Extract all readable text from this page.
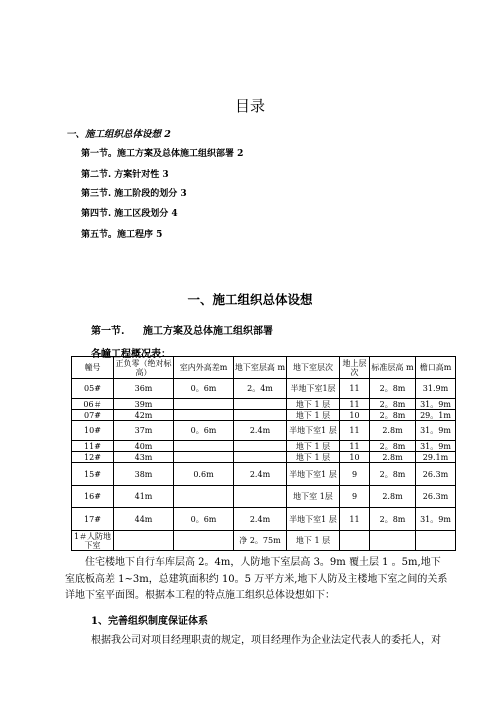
目录
一、施工组织总体设想 2
第一节。施工方案及总体施工组织部署 2
第二节. 方案针对性 3
第三节. 施工阶段的划分 3
第四节. 施工区段划分 4
第五节。施工程序 5
一、施工组织总体设想
第一节. 施工方案及总体施工组织部署
各幢工程概况表：
幢号	正负零（绝对标高）	室内外高差m	地下室层高 m	地下室层次	地上层次	标准层高 m	檐口高m
05#	36m	0。6m	2。4m	半地下室1层	11	2。8m	31.9m
06＃	39m			地下 1 层	11	2。8m	31。9m
07#	42m			地下 1 层	10	2。8m	29。1m
10#	37m	0。6m	2.4m	半地下室1 层	11	2.8m	31。9m
11#	40m			地下 1 层	11	2。8m	31。9m
12#	43m			地下 1 层	10	2.8m	29.1m
15#	38m	0.6m	2.4m	半地下室1 层	9	2。8m	26.3m
16#	41m			地下室 1层	9	2.8m	26.3m
17#	44m	0。6m	2.4m	半地下室1 层	11	2。8m	31。9m
1＃人防地下室			净 2。75m	地下 1 层			

住宅楼地下自行车库层高 2。4m，人防地下室层高 3。9m 覆土层 1 。5m,地下室底板高差 1~3m，总建筑面积约 10。5 万平方米,地下人防及主楼地下室之间的关系详地下室平面图。根据本工程的特点施工组织总体设想如下：

1、完善组织制度保证体系

根据我公司对项目经理职责的规定，项目经理作为企业法定代表人的委托人，对
